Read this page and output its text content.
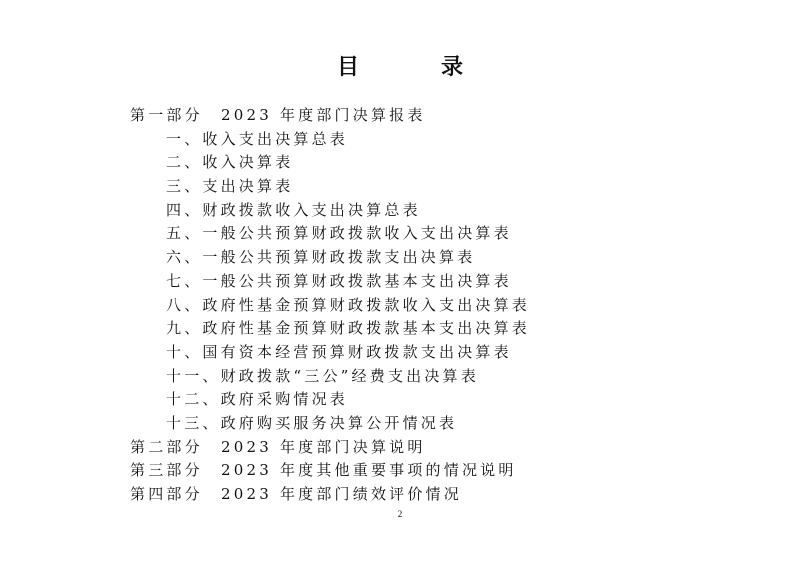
目　录
第一部分　2023 年度部门决算报表
一、收入支出决算总表
二、收入决算表
三、支出决算表
四、财政拨款收入支出决算总表
五、一般公共预算财政拨款收入支出决算表
六、一般公共预算财政拨款支出决算表
七、一般公共预算财政拨款基本支出决算表
八、政府性基金预算财政拨款收入支出决算表
九、政府性基金预算财政拨款基本支出决算表
十、国有资本经营预算财政拨款支出决算表
十一、财政拨款“三公”经费支出决算表
十二、政府采购情况表
十三、政府购买服务决算公开情况表
第二部分　2023 年度部门决算说明
第三部分　2023 年度其他重要事项的情况说明
第四部分　2023 年度部门绩效评价情况
2
